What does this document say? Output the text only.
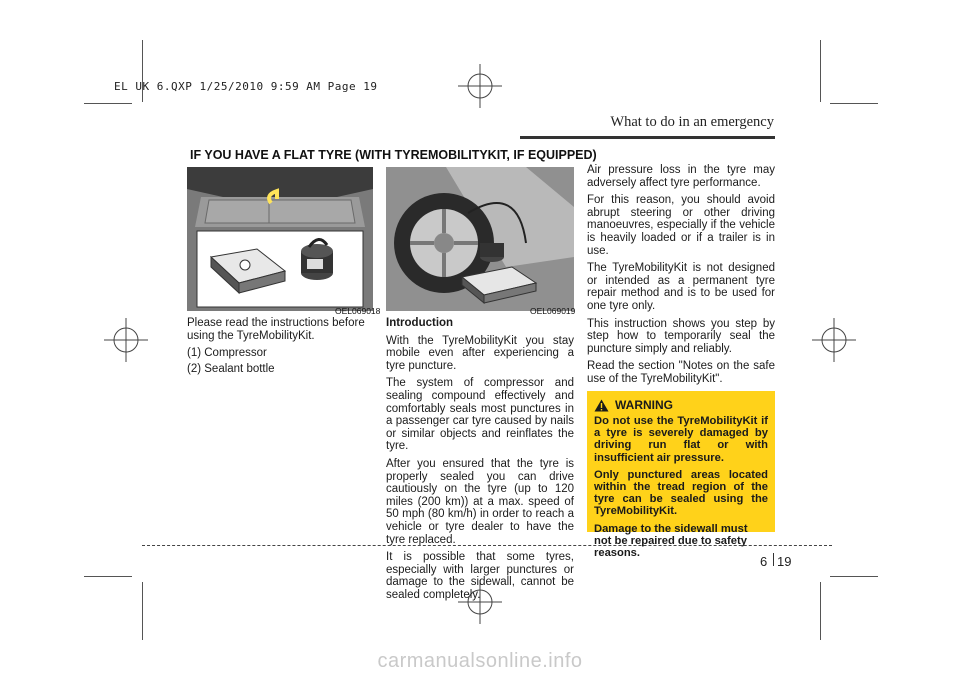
EL UK 6.QXP 1/25/2010 9:59 AM Page 19
What to do in an emergency
IF YOU HAVE A FLAT TYRE (WITH TYREMOBILITYKIT, IF EQUIPPED)
OEL069018	OEL069019

Please read the instructions before using the TyreMobilityKit.

(1) Compressor

(2) Sealant bottle

Introduction

With the TyreMobilityKit you stay mobile even after experiencing a tyre puncture.

The system of compressor and sealing compound effectively and comfortably seals most punctures in a passenger car tyre caused by nails or similar objects and reinflates the tyre.

After you ensured that the tyre is properly sealed you can drive cautiously on the tyre (up to 120 miles (200 km)) at a max. speed of 50 mph (80 km/h) in order to reach a vehicle or tyre dealer to have the tyre replaced.

It is possible that some tyres, especially with larger punctures or damage to the sidewall, cannot be sealed completely.

Air pressure loss in the tyre may adversely affect tyre performance.

For this reason, you should avoid abrupt steering or other driving manoeuvres, especially if the vehicle is heavily loaded or if a trailer is in use.

The TyreMobilityKit is not designed or intended as a permanent tyre repair method and is to be used for one tyre only.

This instruction shows you step by step how to temporarily seal the puncture simply and reliably.

Read the section "Notes on the safe use of the TyreMobilityKit".

WARNING

Do not use the TyreMobilityKit if a tyre is severely damaged by driving run flat or with insufficient air pressure.

Only punctured areas located within the tread region of the tyre can be sealed using the TyreMobilityKit.

Damage to the sidewall must not be repaired due to safety reasons.

6 19
carmanualsonline.info
